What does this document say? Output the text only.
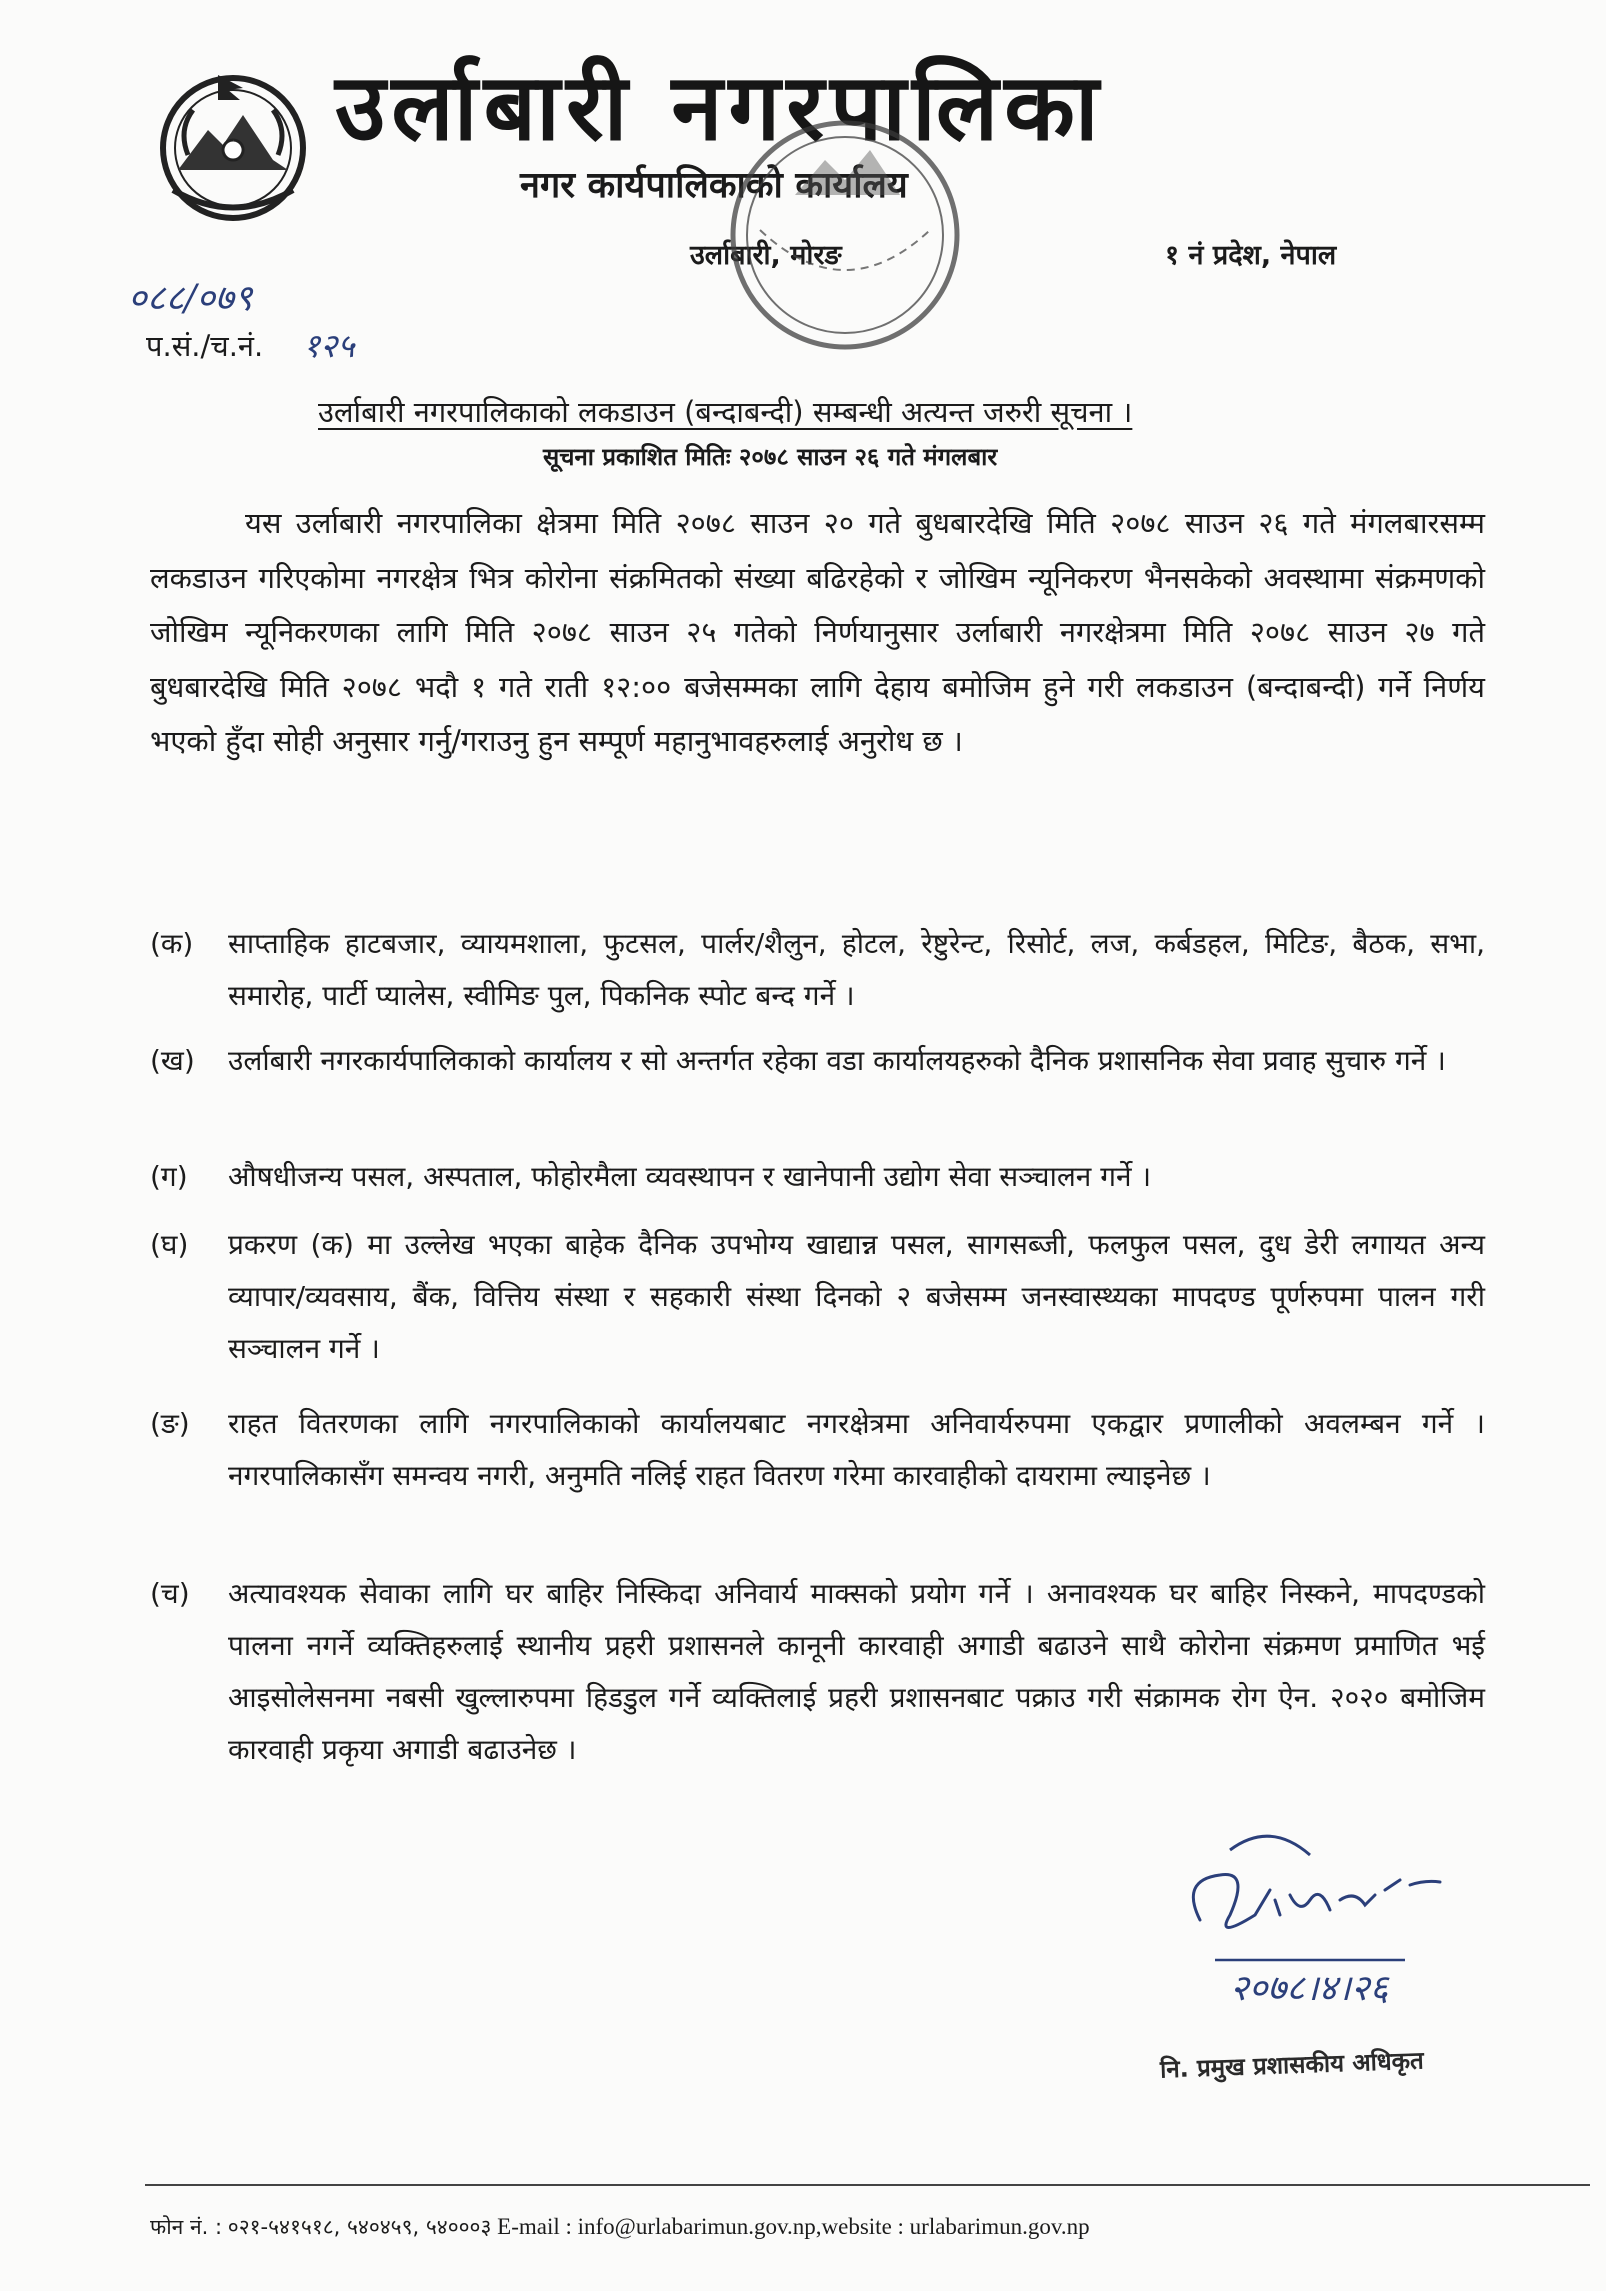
उर्लाबारी नगरपालिका
नगर कार्यपालिकाको कार्यालय
उर्लाबारी, मोरङ	१ नं प्रदेश, नेपाल
०८८/०७९
प.सं./च.नं. १२५
उर्लाबारी नगरपालिकाको लकडाउन (बन्दाबन्दी) सम्बन्धी अत्यन्त जरुरी सूचना ।
सूचना प्रकाशित मितिः २०७८ साउन २६ गते मंगलबार
यस उर्लाबारी नगरपालिका क्षेत्रमा मिति २०७८ साउन २० गते बुधबारदेखि मिति २०७८ साउन २६ गते मंगलबारसम्म लकडाउन गरिएकोमा नगरक्षेत्र भित्र कोरोना संक्रमितको संख्या बढिरहेको र जोखिम न्यूनिकरण भैनसकेको अवस्थामा संक्रमणको जोखिम न्यूनिकरणका लागि मिति २०७८ साउन २५ गतेको निर्णयानुसार उर्लाबारी नगरक्षेत्रमा मिति २०७८ साउन २७ गते बुधबारदेखि मिति २०७८ भदौ १ गते राती १२:०० बजेसम्मका लागि देहाय बमोजिम हुने गरी लकडाउन (बन्दाबन्दी) गर्ने निर्णय भएको हुँदा सोही अनुसार गर्नु/गराउनु हुन सम्पूर्ण महानुभावहरुलाई अनुरोध छ ।
(क)	साप्ताहिक हाटबजार, व्यायमशाला, फुटसल, पार्लर/शैलुन, होटल, रेष्टुरेन्ट, रिसोर्ट, लज, कर्बडहल, मिटिङ, बैठक, सभा, समारोह, पार्टी प्यालेस, स्वीमिङ पुल, पिकनिक स्पोट बन्द गर्ने ।
(ख)	उर्लाबारी नगरकार्यपालिकाको कार्यालय र सो अन्तर्गत रहेका वडा कार्यालयहरुको दैनिक प्रशासनिक सेवा प्रवाह सुचारु गर्ने ।
(ग)	औषधीजन्य पसल, अस्पताल, फोहोरमैला व्यवस्थापन र खानेपानी उद्योग सेवा सञ्चालन गर्ने ।
(घ)	प्रकरण (क) मा उल्लेख भएका बाहेक दैनिक उपभोग्य खाद्यान्न पसल, सागसब्जी, फलफुल पसल, दुध डेरी लगायत अन्य व्यापार/व्यवसाय, बैंक, वित्तिय संस्था र सहकारी संस्था दिनको २ बजेसम्म जनस्वास्थ्यका मापदण्ड पूर्णरुपमा पालन गरी सञ्चालन गर्ने ।
(ङ)	राहत वितरणका लागि नगरपालिकाको कार्यालयबाट नगरक्षेत्रमा अनिवार्यरुपमा एकद्वार प्रणालीको अवलम्बन गर्ने । नगरपालिकासँग समन्वय नगरी, अनुमति नलिई राहत वितरण गरेमा कारवाहीको दायरामा ल्याइनेछ ।
(च)	अत्यावश्यक सेवाका लागि घर बाहिर निस्किदा अनिवार्य माक्सको प्रयोग गर्ने । अनावश्यक घर बाहिर निस्कने, मापदण्डको पालना नगर्ने व्यक्तिहरुलाई स्थानीय प्रहरी प्रशासनले कानूनी कारवाही अगाडी बढाउने साथै कोरोना संक्रमण प्रमाणित भई आइसोलेसनमा नबसी खुल्लारुपमा हिडडुल गर्ने व्यक्तिलाई प्रहरी प्रशासनबाट पक्राउ गरी संक्रामक रोग ऐन. २०२० बमोजिम कारवाही प्रकृया अगाडी बढाउनेछ ।
२०७८।४।२६
नि. प्रमुख प्रशासकीय अधिकृत
फोन नं. : ०२१-५४१५१८, ५४०४५९, ५४०००३ E-mail : info@urlabarimun.gov.np,website : urlabarimun.gov.np
